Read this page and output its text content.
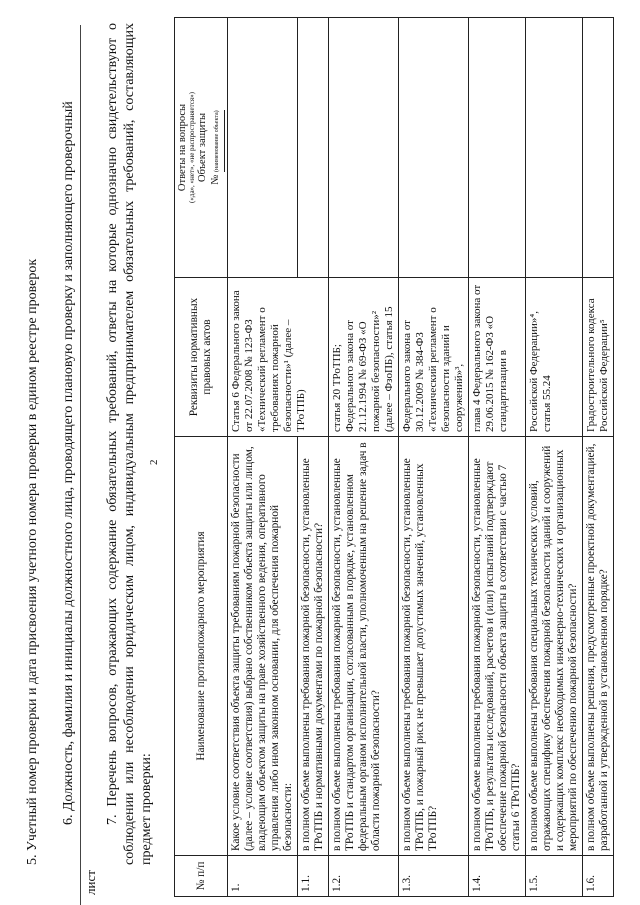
2
5. Учетный номер проверки и дата присвоения учетного номера проверки в едином реестре проверок 6. Должность, фамилия и инициалы должностного лица, проводящего плановую проверку и заполняющего проверочный
лист
7. Перечень вопросов, отражающих содержание обязательных требований, ответы на которые однозначно свидетельствуют о соблюдении или несоблюдении юридическим лицом, индивидуальным предпринимателем обязательных требований, составляющих предмет проверки:
№ п/п	Наименование противопожарного мероприятия	Реквизиты нормативных правовых актов	Ответы на вопросы («да», «нет», «не распространяется») Объект защиты № (наименование объекта)

1.	Какое условие соответствия объекта защиты требованиям пожарной безопасности (далее – условие соответствия) выбрано собственником объекта защиты или лицом, владеющим объектом защиты на праве хозяйственного ведения, оперативного управления либо ином законном основании, для обеспечения пожарной безопасности:	Статья 6 Федерального закона от 22.07.2008 № 123-ФЗ «Технический регламент о требованиях пожарной безопасности»¹ (далее – ТРоТПБ)	
1.1.	в полном объеме выполнены требования пожарной безопасности, установленные ТРоТПБ и нормативными документами по пожарной безопасности?		
1.2.	в полном объеме выполнены требования пожарной безопасности, установленные ТРоТПБ и стандартом организации, согласованным в порядке, установленном федеральным органом исполнительной власти, уполномоченным на решение задач в области пожарной безопасности?	статья 20 ТРоТПБ; Федерального закона от 21.12.1994 № 69-ФЗ «О пожарной безопасности»² (далее – ФзоПБ), статья 15	
1.3.	в полном объеме выполнены требования пожарной безопасности, установленные ТРоТПБ, и пожарный риск не превышает допустимых значений, установленных ТРоТПБ?	Федерального закона от 30.12.2009 № 384-ФЗ «Технический регламент о безопасности зданий и сооружений»³,	
1.4.	в полном объеме выполнены требования пожарной безопасности, установленные ТРоТПБ, и результаты исследований, расчетов и (или) испытаний подтверждают обеспечение пожарной безопасности объекта защиты в соответствии с частью 7 статьи 6 ТРоТПБ?	глава 4 Федерального закона от 29.06.2015 № 162-ФЗ «О стандартизации в	
1.5.	в полном объеме выполнены требования специальных технических условий, отражающих специфику обеспечения пожарной безопасности зданий и сооружений и содержащих комплекс необходимых инженерно-технических и организационных мероприятий по обеспечению пожарной безопасности?	Российской Федерации»⁴, статья 55.24	
1.6.	в полном объеме выполнены решения, предусмотренные проектной документацией, разработанной и утвержденной в установленном порядке?	Градостроительного кодекса Российской Федерации⁵	
